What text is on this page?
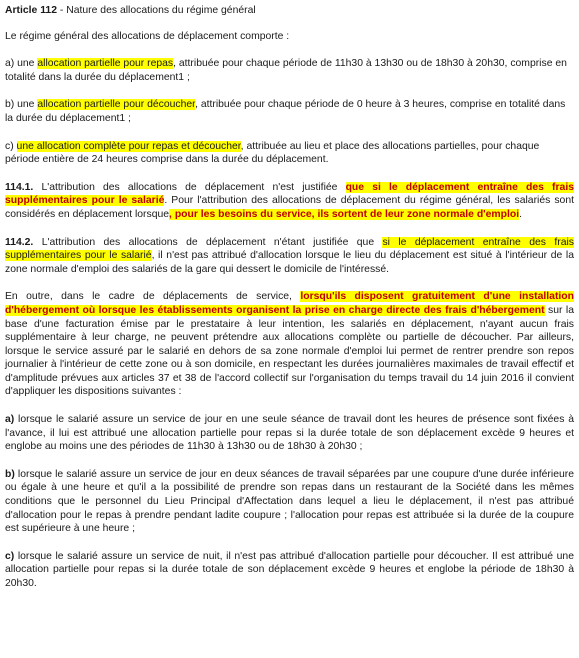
Article 112 - Nature des allocations du régime général

Le régime général des allocations de déplacement comporte :

a) une allocation partielle pour repas, attribuée pour chaque période de 11h30 à 13h30 ou de 18h30 à 20h30, comprise en totalité dans la durée du déplacement1 ;

b) une allocation partielle pour découcher, attribuée pour chaque période de 0 heure à 3 heures, comprise en totalité dans la durée du déplacement1 ;

c) une allocation complète pour repas et découcher, attribuée au lieu et place des allocations partielles, pour chaque période entière de 24 heures comprise dans la durée du déplacement.

114.1. L'attribution des allocations de déplacement n'est justifiée que si le déplacement entraîne des frais supplémentaires pour le salarié. Pour l'attribution des allocations de déplacement du régime général, les salariés sont considérés en déplacement lorsque, pour les besoins du service, ils sortent de leur zone normale d'emploi.

114.2. L'attribution des allocations de déplacement n'étant justifiée que si le déplacement entraîne des frais supplémentaires pour le salarié, il n'est pas attribué d'allocation lorsque le lieu du déplacement est situé à l'intérieur de la zone normale d'emploi des salariés de la gare qui dessert le domicile de l'intéressé.

En outre, dans le cadre de déplacements de service, lorsqu'ils disposent gratuitement d'une installation d'hébergement où lorsque les établissements organisent la prise en charge directe des frais d'hébergement sur la base d'une facturation émise par le prestataire à leur intention, les salariés en déplacement, n'ayant aucun frais supplémentaire à leur charge, ne peuvent prétendre aux allocations complète ou partielle de découcher. Par ailleurs, lorsque le service assuré par le salarié en dehors de sa zone normale d'emploi lui permet de rentrer prendre son repos journalier à l'intérieur de cette zone ou à son domicile, en respectant les durées journalières maximales de travail effectif et d'amplitude prévues aux articles 37 et 38 de l'accord collectif sur l'organisation du temps travail du 14 juin 2016 il convient d'appliquer les dispositions suivantes :

a) lorsque le salarié assure un service de jour en une seule séance de travail dont les heures de présence sont fixées à l'avance, il lui est attribué une allocation partielle pour repas si la durée totale de son déplacement excède 9 heures et englobe au moins une des périodes de 11h30 à 13h30 ou de 18h30 à 20h30 ;

b) lorsque le salarié assure un service de jour en deux séances de travail séparées par une coupure d'une durée inférieure ou égale à une heure et qu'il a la possibilité de prendre son repas dans un restaurant de la Société dans les mêmes conditions que le personnel du Lieu Principal d'Affectation dans lequel a lieu le déplacement, il n'est pas attribué d'allocation pour le repas à prendre pendant ladite coupure ; l'allocation pour repas est attribuée si la durée de la coupure est supérieure à une heure ;

c) lorsque le salarié assure un service de nuit, il n'est pas attribué d'allocation partielle pour découcher. Il est attribué une allocation partielle pour repas si la durée totale de son déplacement excède 9 heures et englobe la période de 18h30 à 20h30.
